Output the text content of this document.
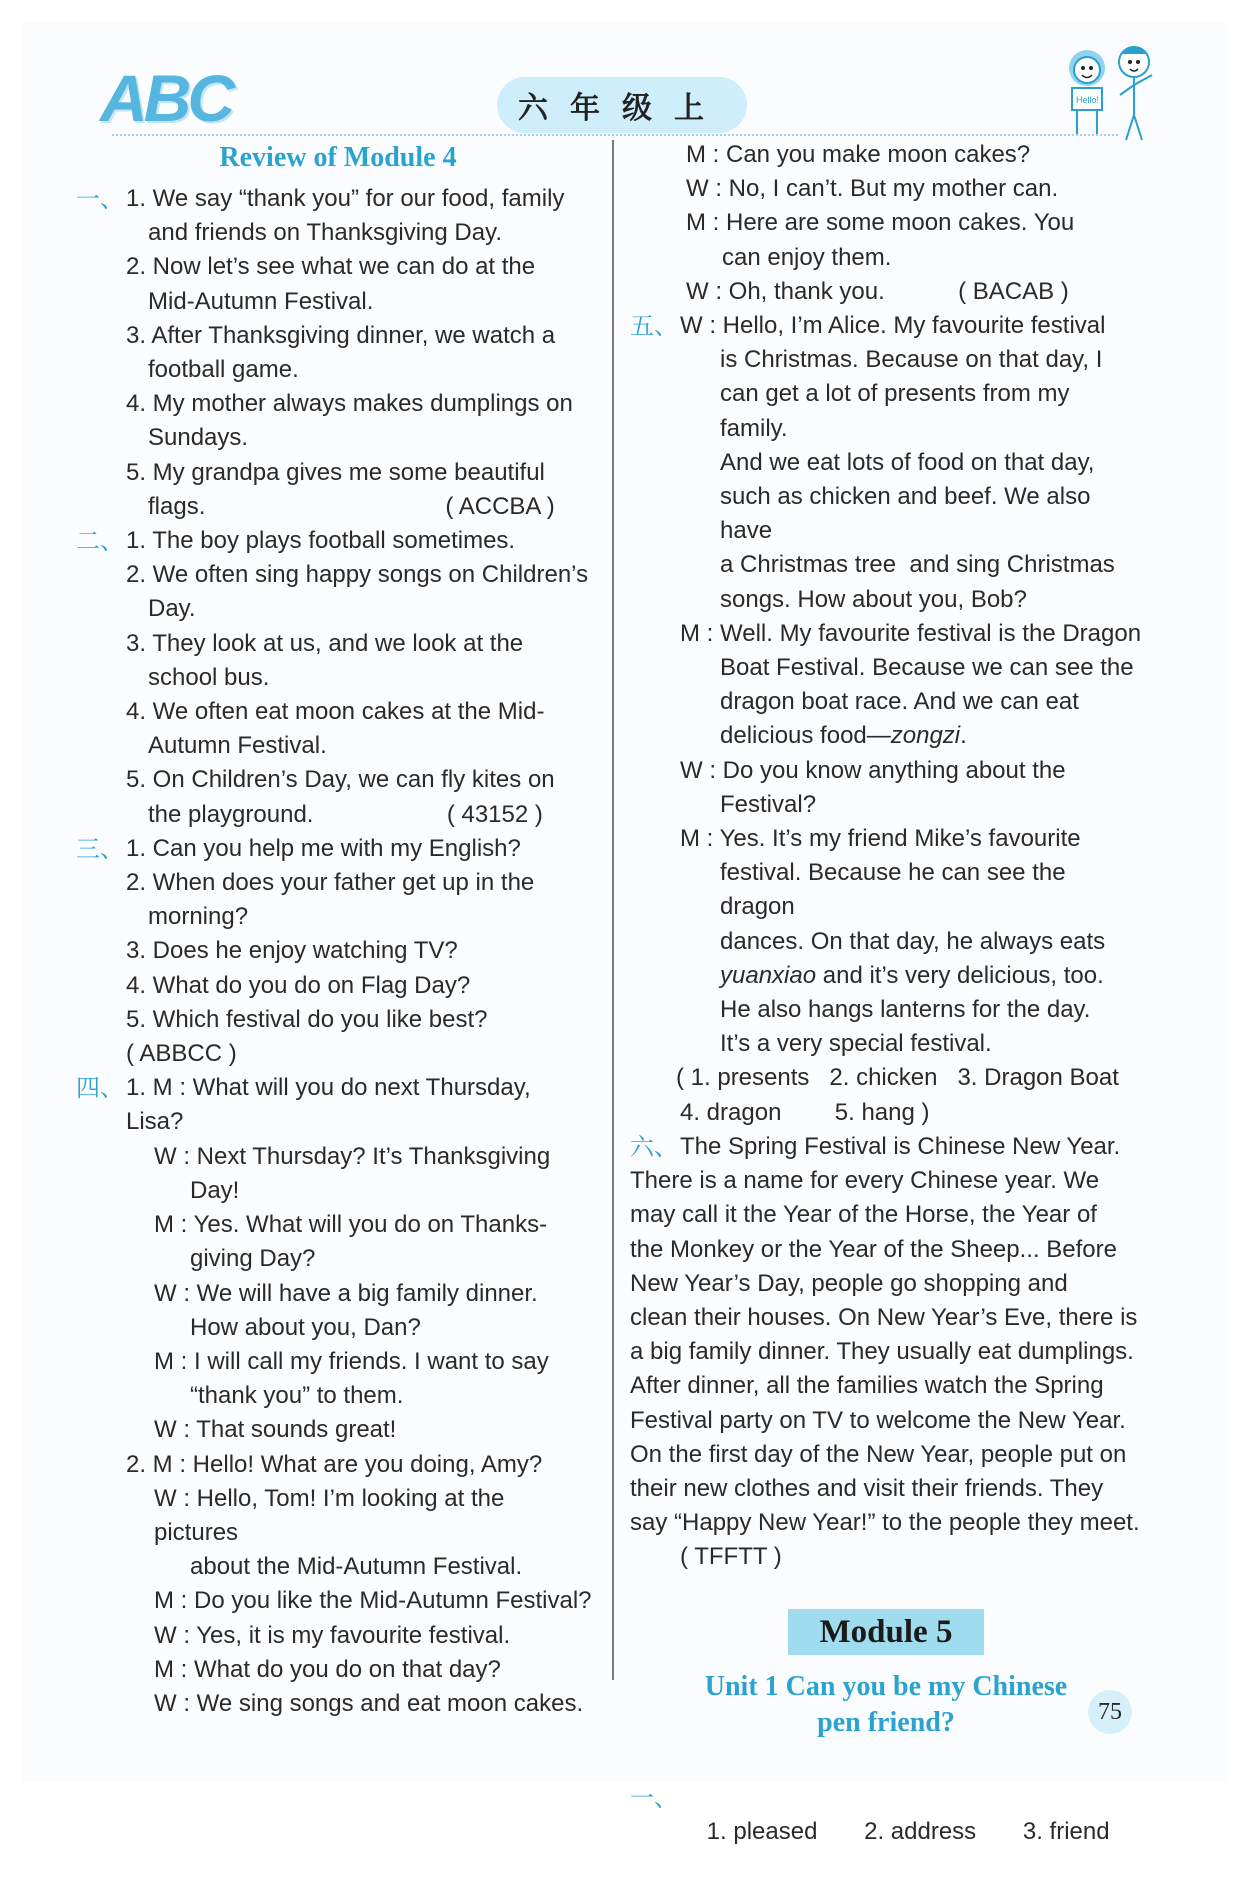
ABC	六年级上	Hello!
Review of Module 4
一、 1. We say “thank you” for our food, family
and friends on Thanksgiving Day.
2. Now let’s see what we can do at the
Mid-Autumn Festival.
3. After Thanksgiving dinner, we watch a
football game.
4. My mother always makes dumplings on
Sundays.
5. My grandpa gives me some beautiful
flags.                                    ( ACCBA )
二、 1. The boy plays football sometimes.
2. We often sing happy songs on Children’s
Day.
3. They look at us, and we look at the
school bus.
4. We often eat moon cakes at the Mid-
Autumn Festival.
5. On Children’s Day, we can fly kites on
the playground.                    ( 43152 )
三、 1. Can you help me with my English?
2. When does your father get up in the
morning?
3. Does he enjoy watching TV?
4. What do you do on Flag Day?
5. Which festival do you like best?
( ABBCC )
四、 1. M : What will you do next Thursday, Lisa?
W : Next Thursday? It’s Thanksgiving
Day!
M : Yes. What will you do on Thanks-
giving Day?
W : We will have a big family dinner.
How about you, Dan?
M : I will call my friends. I want to say
“thank you” to them.
W : That sounds great!
2. M : Hello! What are you doing, Amy?
W : Hello, Tom! I’m looking at the pictures
about the Mid-Autumn Festival.
M : Do you like the Mid-Autumn Festival?
W : Yes, it is my favourite festival.
M : What do you do on that day?
W : We sing songs and eat moon cakes.
M : Can you make moon cakes?
W : No, I can’t. But my mother can.
M : Here are some moon cakes. You
can enjoy them.
W : Oh, thank you.           ( BACAB )
五、 W : Hello, I’m Alice. My favourite festival
is Christmas. Because on that day, I
can get a lot of presents from my family.
And we eat lots of food on that day,
such as chicken and beef. We also have
a Christmas tree  and sing Christmas
songs. How about you, Bob?
M : Well. My favourite festival is the Dragon
Boat Festival. Because we can see the
dragon boat race. And we can eat
delicious food—zongzi.
W : Do you know anything about the
Festival?
M : Yes. It’s my friend Mike’s favourite
festival. Because he can see the dragon
dances. On that day, he always eats
yuanxiao and it’s very delicious, too.
He also hangs lanterns for the day.
It’s a very special festival.
( 1. presents   2. chicken   3. Dragon Boat
4. dragon        5. hang )
六、 The Spring Festival is Chinese New Year.
There is a name for every Chinese year. We
may call it the Year of the Horse, the Year of
the Monkey or the Year of the Sheep... Before
New Year’s Day, people go shopping and
clean their houses. On New Year’s Eve, there is
a big family dinner. They usually eat dumplings.
After dinner, all the families watch the Spring
Festival party on TV to welcome the New Year.
On the first day of the New Year, people put on
their new clothes and visit their friends. They
say “Happy New Year!” to the people they meet.
( TFFTT )
Module 5
Unit 1 Can you be my Chinese
pen friend?

一、

1. pleased       2. address       3. friend

75
